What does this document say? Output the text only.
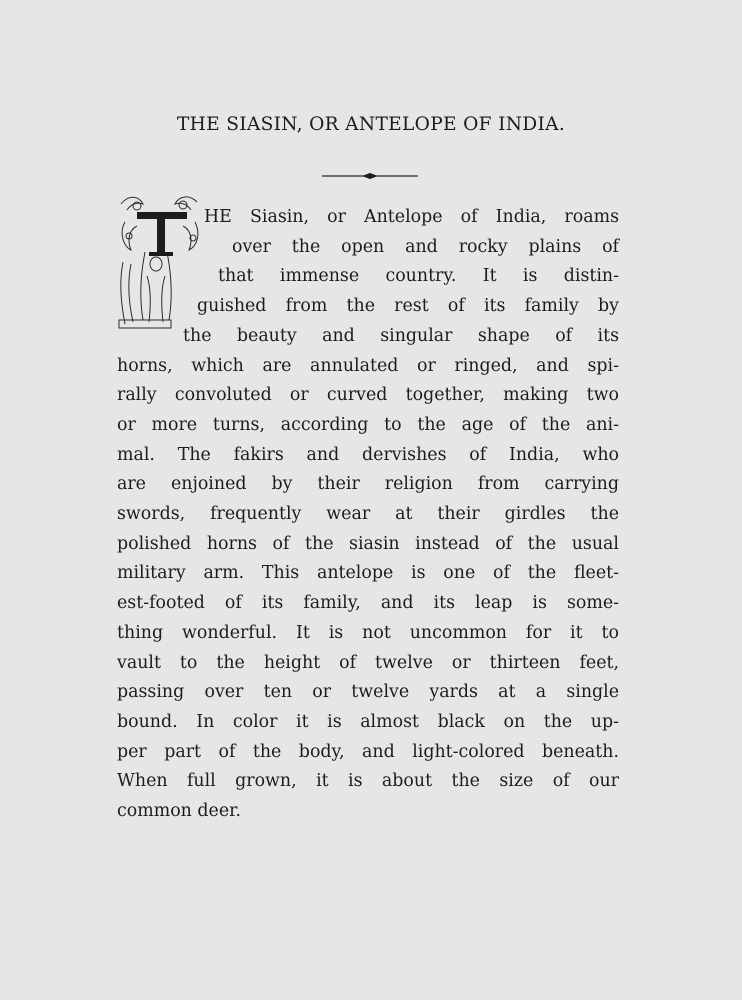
THE SIASIN, OR ANTELOPE OF INDIA.
HE Siasin, or Antelope of India, roams
over the open and rocky plains of
that immense country. It is distin-
guished from the rest of its family by
the beauty and singular shape of its
horns, which are annulated or ringed, and spi-
rally convoluted or curved together, making two
or more turns, according to the age of the ani-
mal. The fakirs and dervishes of India, who
are enjoined by their religion from carrying
swords, frequently wear at their girdles the
polished horns of the siasin instead of the usual
military arm. This antelope is one of the fleet-
est-footed of its family, and its leap is some-
thing wonderful. It is not uncommon for it to
vault to the height of twelve or thirteen feet,
passing over ten or twelve yards at a single
bound. In color it is almost black on the up-
per part of the body, and light-colored beneath.
When full grown, it is about the size of our
common deer.
